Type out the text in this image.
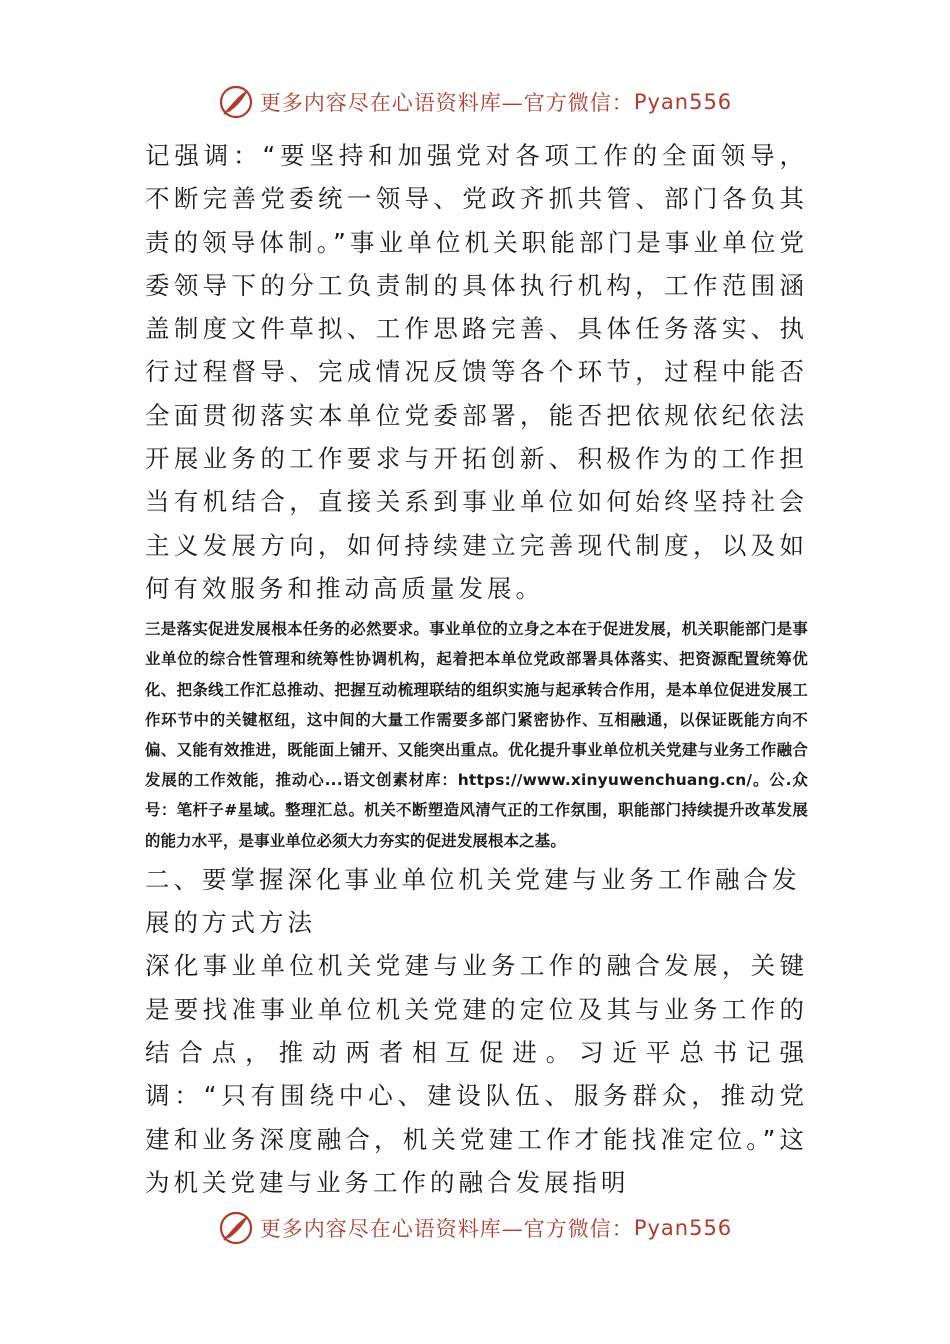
更多内容尽在心语资料库—官方微信： Pyan556

记强调：“要坚持和加强党对各项工作的全面领导，不断完善党委统一领导、党政齐抓共管、部门各负其责的领导体制。”事业单位机关职能部门是事业单位党委领导下的分工负责制的具体执行机构，工作范围涵盖制度文件草拟、工作思路完善、具体任务落实、执行过程督导、完成情况反馈等各个环节，过程中能否全面贯彻落实本单位党委部署，能否把依规依纪依法开展业务的工作要求与开拓创新、积极作为的工作担当有机结合，直接关系到事业单位如何始终坚持社会主义发展方向，如何持续建立完善现代制度，以及如何有效服务和推动高质量发展。

三是落实促进发展根本任务的必然要求。事业单位的立身之本在于促进发展，机关职能部门是事业单位的综合性管理和统筹性协调机构，起着把本单位党政部署具体落实、把资源配置统筹优化、把条线工作汇总推动、把握互动梳理联结的组织实施与起承转合作用，是本单位促进发展工作环节中的关键枢纽，这中间的大量工作需要多部门紧密协作、互相融通，以保证既能方向不偏、又能有效推进，既能面上铺开、又能突出重点。优化提升事业单位机关党建与业务工作融合发展的工作效能，推动心...语文创素材库：https://www.xinyuwenchuang.cn/。公.众号：笔杆子#星域。整理汇总。机关不断塑造风清气正的工作氛围，职能部门持续提升改革发展的能力水平，是事业单位必须大力夯实的促进发展根本之基。

二、要掌握深化事业单位机关党建与业务工作融合发展的方式方法

深化事业单位机关党建与业务工作的融合发展，关键是要找准事业单位机关党建的定位及其与业务工作的结合点，推动两者相互促进。习近平总书记强调：“只有围绕中心、建设队伍、服务群众，推动党建和业务深度融合，机关党建工作才能找准定位。”这为机关党建与业务工作的融合发展指明

更多内容尽在心语资料库—官方微信： Pyan556
